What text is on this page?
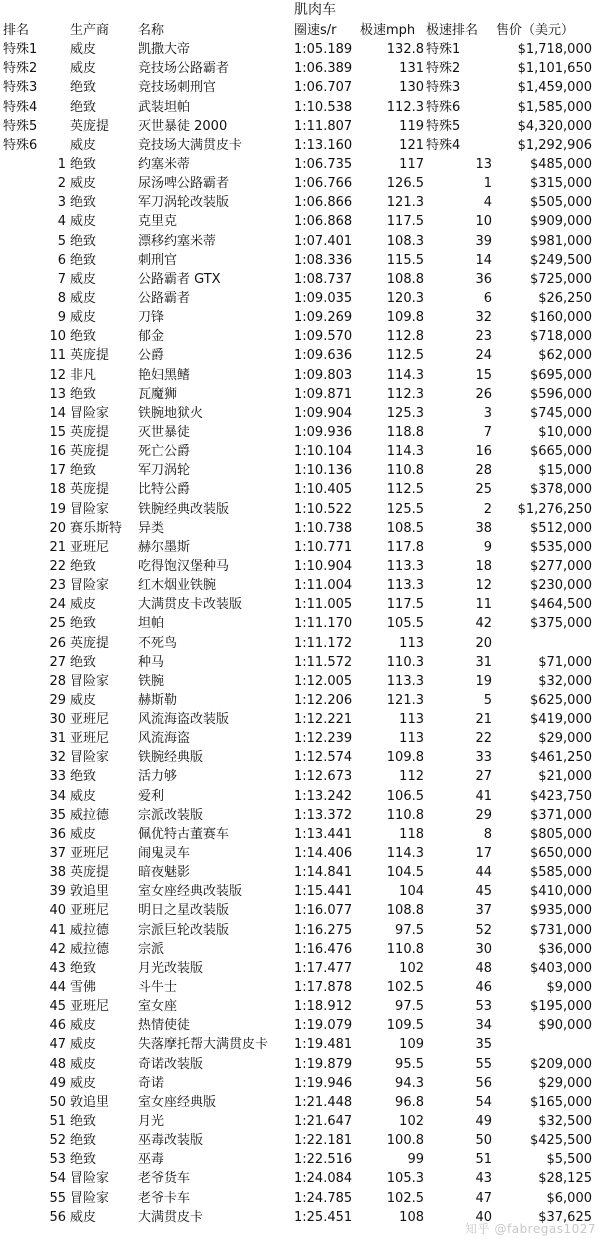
肌肉车
排名	生产商	名称	圈速s/r	极速mph 极速排名 售价（美元）
特殊1	威皮	凯撒大帝	1:05.189	132.8 特殊1	$1,718,000
特殊2	威皮	竞技场公路霸者	1:06.389	131 特殊2	$1,101,650
特殊3	绝致	竞技场刺刑官	1:06.707	130 特殊3	$1,459,000
特殊4	绝致	武装坦帕	1:10.538	112.3 特殊6	$1,585,000
特殊5	英庞提	灭世暴徒 2000	1:11.807	119 特殊5	$4,320,000
特殊6	威皮	竞技场大满贯皮卡	1:13.160	121 特殊4	$1,292,906
1 绝致	约塞米蒂	1:06.735	117	13	$485,000
2 威皮	尿汤啤公路霸者	1:06.766	126.5	1	$315,000
3 绝致	军刀涡轮改装版	1:06.866	121.3	4	$505,000
4 威皮	克里克	1:06.868	117.5	10	$909,000
5 绝致	漂移约塞米蒂	1:07.401	108.3	39	$981,000
6 绝致	刺刑官	1:08.336	115.5	14	$249,500
7 威皮	公路霸者 GTX	1:08.737	108.8	36	$725,000
8 威皮	公路霸者	1:09.035	120.3	6	$26,250
9 威皮	刀锋	1:09.269	109.8	32	$160,000
10 绝致	郁金	1:09.570	112.8	23	$718,000
11 英庞提	公爵	1:09.636	112.5	24	$62,000
12 非凡	艳妇黑鳍	1:09.803	114.3	15	$695,000
13 绝致	瓦魔狮	1:09.871	112.3	26	$596,000
14 冒险家	铁腕地狱火	1:09.904	125.3	3	$745,000
15 英庞提	灭世暴徒	1:09.936	118.8	7	$10,000
16 英庞提	死亡公爵	1:10.104	114.3	16	$665,000
17 绝致	军刀涡轮	1:10.136	110.8	28	$15,000
18 英庞提	比特公爵	1:10.405	112.5	25	$378,000
19 冒险家	铁腕经典改装版	1:10.522	125.5	2	$1,276,250
20 赛乐斯特	异类	1:10.738	108.5	38	$512,000
21 亚班尼	赫尔墨斯	1:10.771	117.8	9	$535,000
22 绝致	吃得饱汉堡种马	1:10.904	113.3	18	$277,000
23 冒险家	红木烟业铁腕	1:11.004	113.3	12	$230,000
24 威皮	大满贯皮卡改装版	1:11.005	117.5	11	$464,500
25 绝致	坦帕	1:11.170	105.5	42	$375,000
26 英庞提	不死鸟	1:11.172	113	20
27 绝致	种马	1:11.572	110.3	31	$71,000
28 冒险家	铁腕	1:12.005	113.3	19	$32,000
29 威皮	赫斯勒	1:12.206	121.3	5	$625,000
30 亚班尼	风流海盗改装版	1:12.221	113	21	$419,000
31 亚班尼	风流海盗	1:12.239	113	22	$29,000
32 冒险家	铁腕经典版	1:12.574	109.8	33	$461,250
33 绝致	活力够	1:12.673	112	27	$21,000
34 威皮	爱利	1:13.242	106.5	41	$423,750
35 威拉德	宗派改装版	1:13.372	110.8	29	$371,000
36 威皮	佩优特古董赛车	1:13.441	118	8	$805,000
37 亚班尼	闹鬼灵车	1:14.406	114.3	17	$650,000
38 英庞提	暗夜魅影	1:14.841	104.5	44	$585,000
39 敦追里	室女座经典改装版	1:15.441	104	45	$410,000
40 亚班尼	明日之星改装版	1:16.077	108.8	37	$935,000
41 威拉德	宗派巨轮改装版	1:16.275	97.5	52	$731,000
42 威拉德	宗派	1:16.476	110.8	30	$36,000
43 绝致	月光改装版	1:17.477	102	48	$403,000
44 雪佛	斗牛士	1:17.878	102.5	46	$9,000
45 亚班尼	室女座	1:18.912	97.5	53	$195,000
46 威皮	热情使徒	1:19.079	109.5	34	$90,000
47 威皮	失落摩托帮大满贯皮卡	1:19.481	109	35
48 威皮	奇诺改装版	1:19.879	95.5	55	$209,000
49 威皮	奇诺	1:19.946	94.3	56	$29,000
50 敦追里	室女座经典版	1:21.448	96.8	54	$165,000
51 绝致	月光	1:21.647	102	49	$32,500
52 绝致	巫毒改装版	1:22.181	100.8	50	$425,500
53 绝致	巫毒	1:22.516	99	51	$5,500
54 冒险家	老爷货车	1:24.084	105.3	43	$28,125
55 冒险家	老爷卡车	1:24.785	102.5	47	$6,000
56 威皮	大满贯皮卡	1:25.451	108	40	$37,625
知乎 @fabregas1027
